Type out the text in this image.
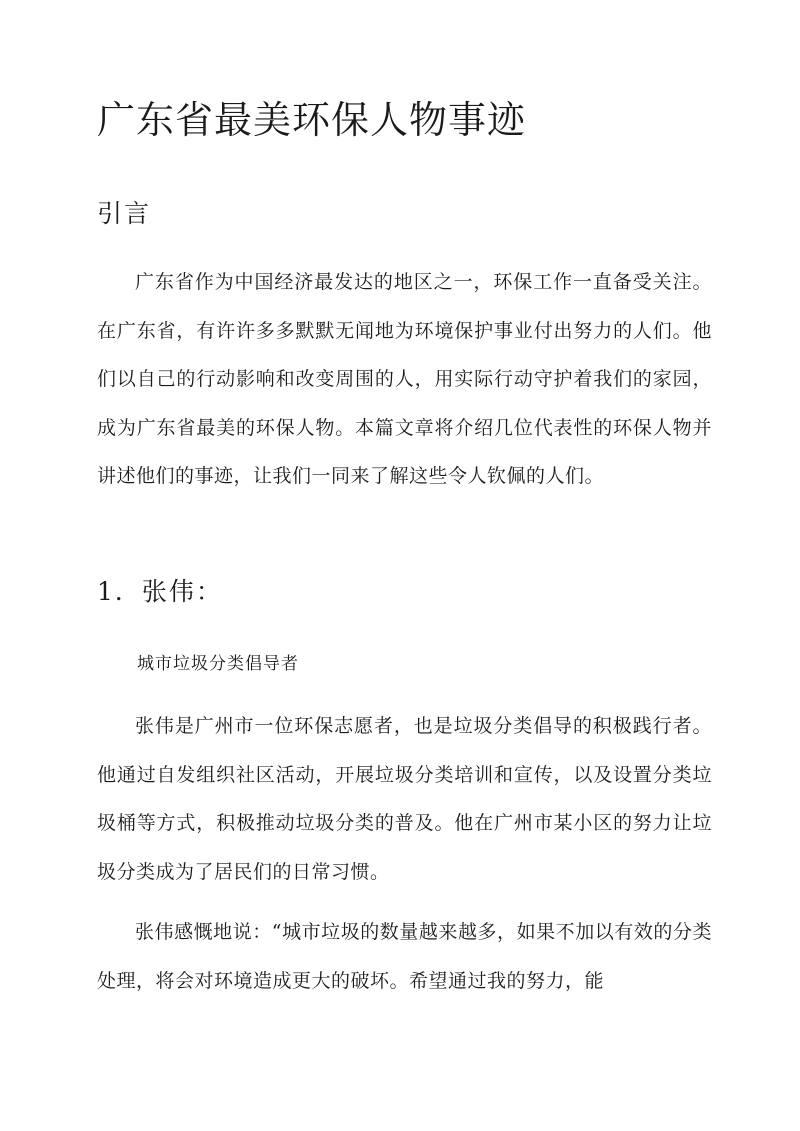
广东省最美环保人物事迹
引言

广东省作为中国经济最发达的地区之一，环保工作一直备受关注。在广东省，有许许多多默默无闻地为环境保护事业付出努力的人们。他们以自己的行动影响和改变周围的人，用实际行动守护着我们的家园，成为广东省最美的环保人物。本篇文章将介绍几位代表性的环保人物并讲述他们的事迹，让我们一同来了解这些令人钦佩的人们。

1．张伟：

城市垃圾分类倡导者

张伟是广州市一位环保志愿者，也是垃圾分类倡导的积极践行者。他通过自发组织社区活动，开展垃圾分类培训和宣传，以及设置分类垃圾桶等方式，积极推动垃圾分类的普及。他在广州市某小区的努力让垃圾分类成为了居民们的日常习惯。

张伟感慨地说：“城市垃圾的数量越来越多，如果不加以有效的分类处理，将会对环境造成更大的破坏。希望通过我的努力，能
